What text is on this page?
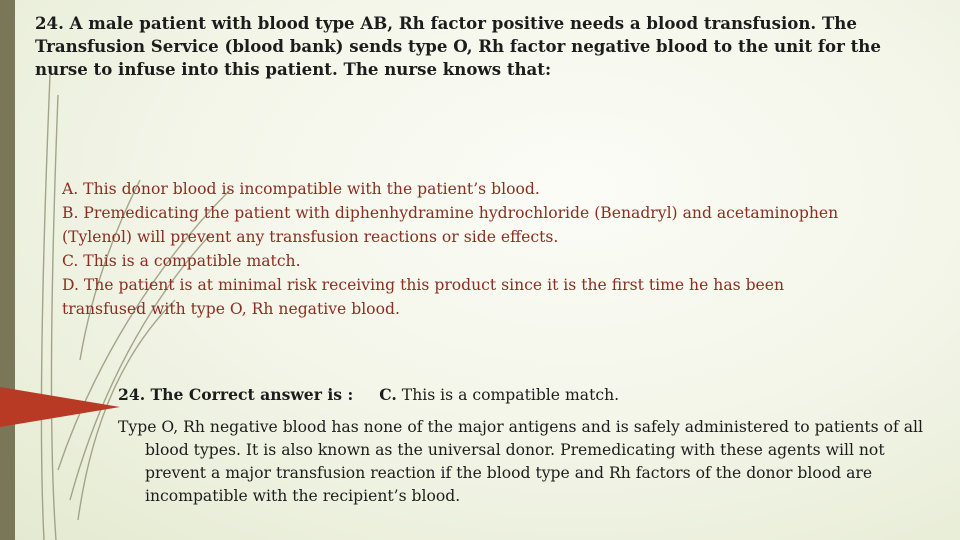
24. A male patient with blood type AB, Rh factor positive needs a blood transfusion. The Transfusion Service (blood bank) sends type O, Rh factor negative blood to the unit for the nurse to infuse into this patient. The nurse knows that:

A. This donor blood is incompatible with the patient’s blood.
B. Premedicating the patient with diphenhydramine hydrochloride (Benadryl) and acetaminophen (Tylenol) will prevent any transfusion reactions or side effects.
C. This is a compatible match.
D. The patient is at minimal risk receiving this product since it is the first time he has been transfused with type O, Rh negative blood.
24. The Correct answer is : C. This is a compatible match.
Type O, Rh negative blood has none of the major antigens and is safely administered to patients of all blood types. It is also known as the universal donor. Premedicating with these agents will not prevent a major transfusion reaction if the blood type and Rh factors of the donor blood are incompatible with the recipient’s blood.
